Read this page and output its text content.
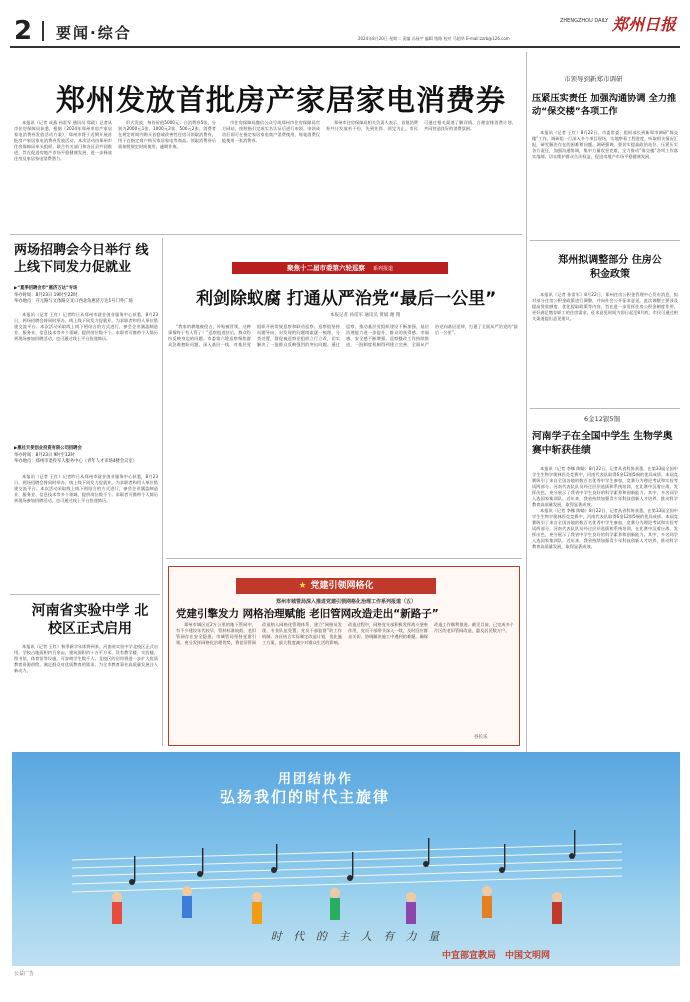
2 要闻·综合	2024年8月20日 星期二 责编 冯禄宇 编辑 钱路 校对 马超华 E-mail:zzrb@126.com
ZHENGZHOU DAILY 郑州日报
郑州发放首批房产家居家电消费券

本报讯（记者 成燕 孙雷军 通讯员 郑政）记者从市住房保障局获悉，根据《2024年郑州市房产家居家电消费券发放活动方案》，郑州市将于近期开展首批房产家居家电消费券发放活动。本次活动由郑州市住房保障局牵头组织，联合有关部门和各区县共同推进，旨在促进房地产市场平稳健康发展，进一步释放住房及家居家电消费潜力。

形式发放，每份价值5000元；合消费券5张，分别为2000元1张、1000元2张、500元2张。消费者在规定时间内购买首套或改善性住房可领取消费券，用于在指定商户购买家居家电等商品。领取消费券后需按照规定时间使用，逾期作废。

市住房保障局微信公众号或郑州市住房保障局官方网站，按照指引完成实名认证后进行申领。申领成功后即可在指定家居家电商户消费使用，每笔消费仅能使用一张消费券。

郑州市住房保障局相关负责人表示，首批消费券共计发放若干份，先到先得、领完为止。市民可通过相关渠道了解详情，合理安排消费计划，共同营造良好的消费氛围。

两场招聘会今日举行 线上线下同发力促就业
▶“夏季招聘会市“惠济万达”专场
举办时间：8月23日 19时至22时
举办地点：开元路与文体路交叉口西北角惠济万达1号门外广场

本报讯（记者 王红）记者昨日从郑州市就业创业服务中心获悉，8月23日，两场招聘会将同时举办，线上线下同发力促就业，为求职者和用人单位搭建交流平台。本次活动采取线上线下相结合的方式进行，参会企业涵盖制造业、服务业、信息技术等多个领域，提供岗位数千个。求职者可携带个人简历到现场参加招聘活动，也可通过线上平台投递简历。

▶惠社天使创业投资有限公司招聘会
举办时间：8月23日 9时至12时
举办地点：郑州市退役军人服务中心（青年人才市场4楼会议室）

本报讯（记者 王红）记者昨日从郑州市就业创业服务中心获悉，8月23日，两场招聘会将同时举办，线上线下同发力促就业，为求职者和用人单位搭建交流平台。本次活动采取线上线下相结合的方式进行，参会企业涵盖制造业、服务业、信息技术等多个领域，提供岗位数千个。求职者可携带个人简历到现场参加招聘活动，也可通过线上平台投递简历。

河南省实验中学 北校区正式启用

本报讯（记者 王红）秋季新学年即将到来，河南省实验中学北校区正式启用。学校占地面积约百余亩，建筑面积约十万平方米，设有教学楼、实验楼、图书馆、体育馆等设施，可容纳学生数千人。北校区的启用将进一步扩大优质教育资源供给，满足群众对优质教育的需求，为全市教育事业高质量发展注入新动力。

聚焦十二届市委第六轮巡察 系列报道
利剑除蚁腐 打通从严治党“最后一公里”
本报记者 孙雷军 通讯员 黄斌 谢 翔

“我家的耕地被侵占，补贴被冒领，这种事情终于有人管了！”巡察组进驻后，群众纷纷反映身边的问题。市委第六轮巡察聚焦群众急难愁盼问题，深入基层一线，对基层党组织开展常规巡察和联动巡察。巡察组坚持问题导向，对发现的问题线索逐一梳理、分类处置，督促被巡察党组织立行立改，切实解决了一批群众反映强烈的突出问题。通过巡察，推动基层党组织建设不断加强，基层治理能力进一步提升，群众的获得感、幸福感、安全感不断增强。巡察整改工作持续推进，一批制度机制得到建立完善，全面从严治党向基层延伸，打通了全面从严治党的“最后一公里”。

★ 党建引领网格化
郑州市城管局深入推进党建引领网格化治理工作系列报道（五）
党建引擎发力 网格治理赋能 老旧管网改造走出“新路子”

郑州市城区近2万公里的地下管网中，有不少建设年代较早、管材标准较低，老旧管网存在安全隐患。市城管局坚持党建引领，充分发挥网格化治理优势，将老旧管网改造纳入网格化管理体系，建立“网格员发现、专业队伍处置、党员干部监督”的工作机制。各区结合实际制定改造计划，优化施工方案，最大程度减少对群众生活的影响。改造过程中，网格党支部积极发挥战斗堡垒作用，党员干部带头深入一线，及时回应群众关切，协调解决施工中遇到的难题，确保改造工作顺利推进。截至目前，已完成多个片区的老旧管网改造，惠及居民数万户。

谷长乐
市领导到新郑市调研
压紧压实责任 加强沟通协调 全力推动“保交楼”各项工作

本报讯（记者 王红）8月22日，市委常委、组织部长到新郑市调研“保交楼”工作。调研组一行深入多个项目现场，实地察看工程进度，听取相关情况汇报，研究解决存在的困难和问题。调研强调，要切实提高政治站位，压紧压实各方责任，加强沟通协调，集中力量攻坚克难，全力推动“保交楼”各项工作落实落细，切实维护群众合法权益，促进房地产市场平稳健康发展。

郑州拟调整部分 住房公积金政策

本报讯（记者 孙雷军）8月22日，郑州住房公积金管理中心发布消息，拟对部分住房公积金政策进行调整，并向社会公开征求意见。此次调整主要涉及提高贷款额度、优化提取政策等内容，旨在进一步发挥住房公积金制度作用，更好满足缴存职工的住房需求。征求意见时间为即日起至8月底，市民可通过相关渠道提出意见建议。

6金12银5铜
河南学子在全国中学生 生物学奥赛中斩获佳绩

本报讯（记者 李娜 陶婧）8月22日，记者从省科协获悉，在第33届全国中学生生物学奥林匹克竞赛中，河南代表队取得6金12银5铜的优异成绩。本届竞赛吸引了来自全国各地的数百名优秀中学生参加，竞赛分为理论考试和实验考试两部分。河南代表队队员经过层层选拔和系统培训，在比赛中沉着应战、发挥出色，充分展示了我省中学生良好的科学素养和创新能力。其中，多名同学入选国家集训队。近年来，我省持续加强青少年科技创新人才培养，推动科学教育高质量发展，取得显著成效。

本报讯（记者 李娜 陶婧）8月22日，记者从省科协获悉，在第33届全国中学生生物学奥林匹克竞赛中，河南代表队取得6金12银5铜的优异成绩。本届竞赛吸引了来自全国各地的数百名优秀中学生参加，竞赛分为理论考试和实验考试两部分。河南代表队队员经过层层选拔和系统培训，在比赛中沉着应战、发挥出色，充分展示了我省中学生良好的科学素养和创新能力。其中，多名同学入选国家集训队。近年来，我省持续加强青少年科技创新人才培养，推动科学教育高质量发展，取得显著成效。

用团结协作
弘扬我们的时代主旋律
时 代 的 主 人 有 力 量
中宣部宣教局　中国文明网
公益广告
